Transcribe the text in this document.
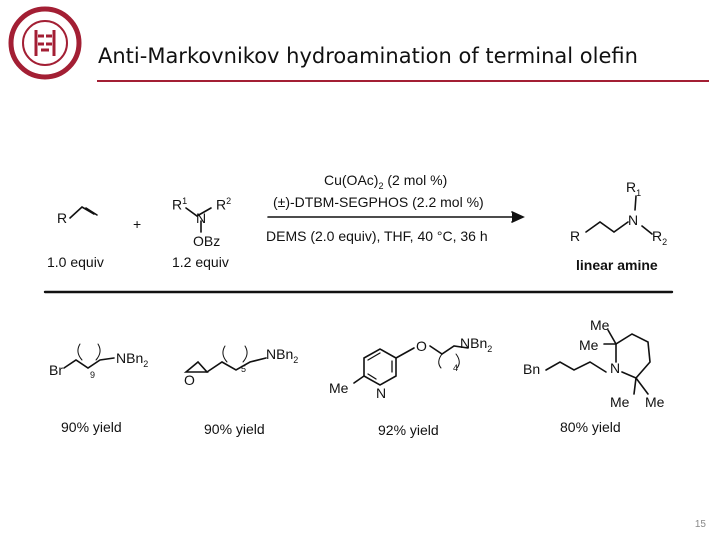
PEKING
1898
Anti-Markovnikov hydroamination of terminal olefin
R	+
$R^1$ $R^2$
N
OBz
1.0 equiv	1.2 equiv
$Cu(OAc)_2$ (2 mol %)
(±)-DTBM-SEGPHOS (2.2 mol %)
DEMS (2.0 equiv), THF, 40 °C, 36 h	R
N
$R_1$
$R_2$
linear amine
Br
NBn$_2$
9
90% yield
O
NBn$_2$
5
90% yield
Me N
O NBn$_2$
4
92% yield
Bn	N
Me
Me
Me Me
80% yield
15
